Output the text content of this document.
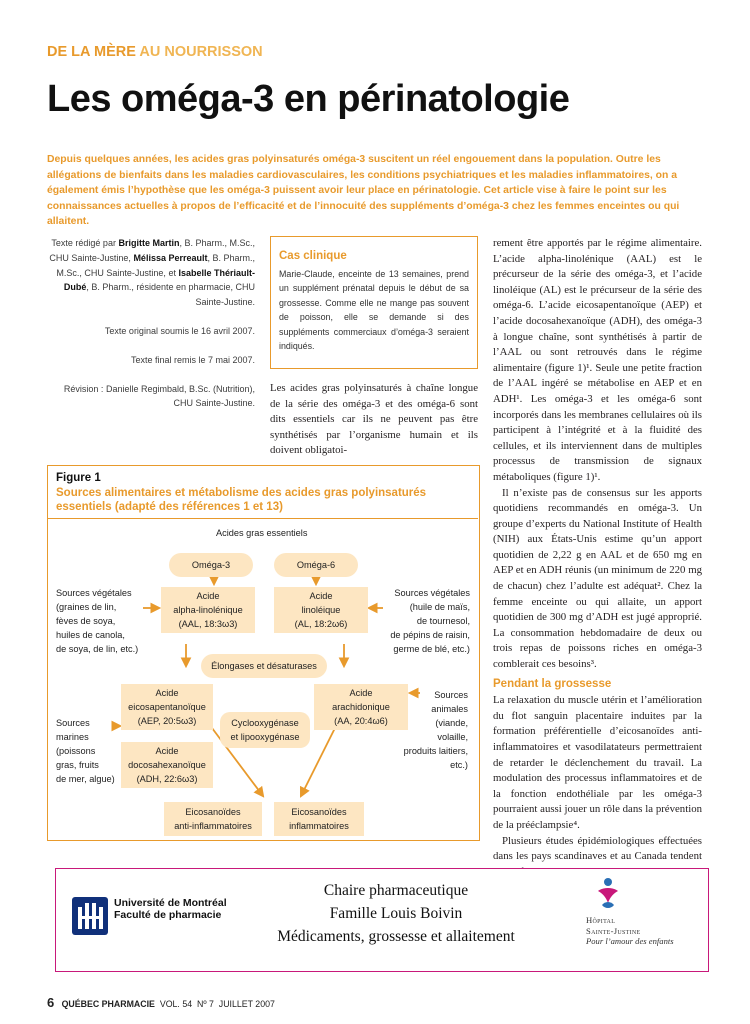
DE LA MÈRE AU NOURRISSON
Les oméga-3 en périnatologie
Depuis quelques années, les acides gras polyinsaturés oméga-3 suscitent un réel engouement dans la population. Outre les allégations de bienfaits dans les maladies cardiovasculaires, les conditions psychiatriques et les maladies inflammatoires, on a également émis l’hypothèse que les oméga-3 puissent avoir leur place en périnatologie. Cet article vise à faire le point sur les connaissances actuelles à propos de l’efficacité et de l’innocuité des suppléments d’oméga-3 chez les femmes enceintes ou qui allaitent.

Texte rédigé par Brigitte Martin, B. Pharm., M.Sc., CHU Sainte-Justine, Mélissa Perreault, B. Pharm., M.Sc., CHU Sainte-Justine, et Isabelle Thériault-Dubé, B. Pharm., résidente en pharmacie, CHU Sainte-Justine.

Texte original soumis le 16 avril 2007.

Texte final remis le 7 mai 2007.

Révision : Danielle Regimbald, B.Sc. (Nutrition), CHU Sainte-Justine.

Cas clinique
Marie-Claude, enceinte de 13 semaines, prend un supplément prénatal depuis le début de sa grossesse. Comme elle ne mange pas souvent de poisson, elle se demande si des suppléments commerciaux d’oméga-3 seraient indiqués.
Les acides gras polyinsaturés à chaîne longue de la série des oméga-3 et des oméga-6 sont dits essentiels car ils ne peuvent pas être synthétisés par l’organisme humain et ils doivent obligatoi-

rement être apportés par le régime alimentaire. L’acide alpha-linolénique (AAL) est le précurseur de la série des oméga-3, et l’acide linoléique (AL) est le précurseur de la série des oméga-6. L’acide eicosapentanoïque (AEP) et l’acide docosahexanoïque (ADH), des oméga-3 à longue chaîne, sont synthétisés à partir de l’AAL ou sont retrouvés dans le régime alimentaire (figure 1)¹. Seule une petite fraction de l’AAL ingéré se métabolise en AEP et en ADH¹. Les oméga-3 et les oméga-6 sont incorporés dans les membranes cellulaires où ils participent à l’intégrité et à la fluidité des cellules, et ils interviennent dans de multiples processus de transmission de signaux métaboliques (figure 1)¹.

Il n’existe pas de consensus sur les apports quotidiens recommandés en oméga-3. Un groupe d’experts du National Institute of Health (NIH) aux États-Unis estime qu’un apport quotidien de 2,22 g en AAL et de 650 mg en AEP et en ADH réunis (un minimum de 220 mg de chacun) chez l’adulte est adéquat². Chez la femme enceinte ou qui allaite, un apport quotidien de 300 mg d’ADH est jugé approprié. La consommation hebdomadaire de deux ou trois repas de poissons riches en oméga-3 comblerait ces besoins³.

Pendant la grossesse

La relaxation du muscle utérin et l’amélioration du flot sanguin placentaire induites par la formation préférentielle d’eicosanoïdes anti-inflammatoires et vasodilatateurs permettraient de retarder le déclenchement du travail. La modulation des processus inflammatoires et de la fonction endothéliale par les oméga-3 pourraient aussi jouer un rôle dans la prévention de la prééclampsie⁴.

Plusieurs études épidémiologiques effectuées dans les pays scandinaves et au Canada tendent

Figure 1
Sources alimentaires et métabolisme des acides gras polyinsaturés essentiels (adapté des références 1 et 13)
Acides gras essentiels
Oméga-3	Oméga-6
Acide
alpha-linolénique
(AAL, 18:3ω3)
Acide
linoléique
(AL, 18:2ω6)
Sources végétales
(graines de lin,
fèves de soya,
huiles de canola,
de soya, de lin, etc.)
Sources végétales
(huile de maïs,
de tournesol,
de pépins de raisin,
germe de blé, etc.)
Élongases et désaturases
Acide
eicosapentanoïque
(AEP, 20:5ω3)
Acide
docosahexanoïque
(ADH, 22:6ω3)
Acide
arachidonique
(AA, 20:4ω6)
Cyclooxygénase
et lipooxygénase
Sources
marines
(poissons
gras, fruits
de mer, algue)
Sources
animales
(viande,
volaille,
produits laitiers,
etc.)
Eicosanoïdes
anti-inflammatoires
Eicosanoïdes
inflammatoires
Université de Montréal
Faculté de pharmacie
Chaire pharmaceutique
Famille Louis Boivin
Médicaments, grossesse et allaitement
Hôpital
Sainte-Justine
Pour l’amour des enfants
6 QUÉBEC PHARMACIE VOL. 54 Nº 7 JUILLET 2007
